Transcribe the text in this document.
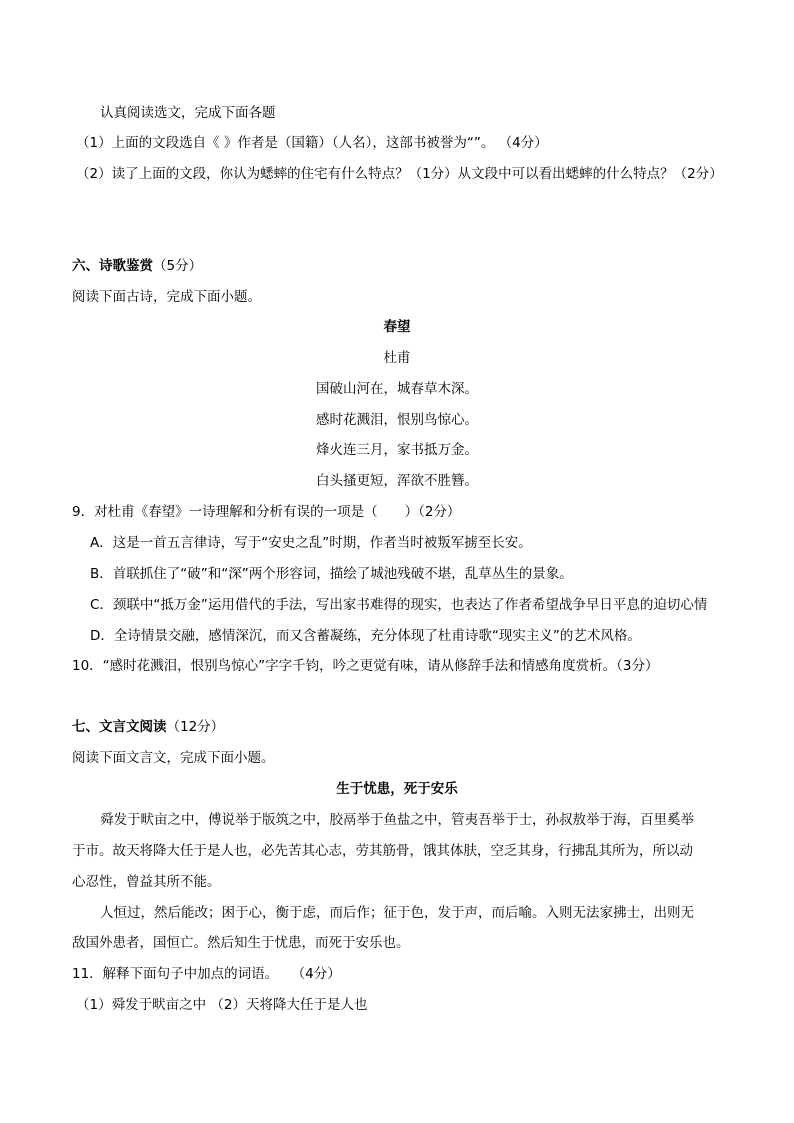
认真阅读选文，完成下面各题
（1）上面的文段选自《 》作者是（国籍）（人名），这部书被誉为“”。 （4分）
（2）读了上面的文段，你认为蟋蟀的住宅有什么特点？（1分）从文段中可以看出蟋蟀的什么特点？（2分）
六、诗歌鉴赏（5分）
阅读下面古诗，完成下面小题。
春望
杜甫
国破山河在，城春草木深。
感时花溅泪，恨别鸟惊心。
烽火连三月，家书抵万金。
白头搔更短，浑欲不胜簪。
9．对杜甫《春望》一诗理解和分析有误的一项是（　　）（2分）
A．这是一首五言律诗，写于“安史之乱”时期，作者当时被叛军掳至长安。
B．首联抓住了“破”和“深”两个形容词，描绘了城池残破不堪，乱草丛生的景象。
C．颈联中“抵万金”运用借代的手法，写出家书难得的现实，也表达了作者希望战争早日平息的迫切心情
D．全诗情景交融，感情深沉，而又含蓄凝练，充分体现了杜甫诗歌“现实主义”的艺术风格。
10．“感时花溅泪，恨别鸟惊心”字字千钧，吟之更觉有味，请从修辞手法和情感角度赏析。（3分）
七、文言文阅读（12分）
阅读下面文言文，完成下面小题。
生于忧患，死于安乐
舜发于畎亩之中，傅说举于版筑之中，胶鬲举于鱼盐之中，管夷吾举于士，孙叔敖举于海，百里奚举
于市。故天将降大任于是人也，必先苦其心志，劳其筋骨，饿其体肤，空乏其身，行拂乱其所为，所以动
心忍性，曾益其所不能。
人恒过，然后能改；困于心，衡于虑，而后作；征于色，发于声，而后喻。入则无法家拂士，出则无
敌国外患者，国恒亡。然后知生于忧患，而死于安乐也。
11．解释下面句子中加点的词语。　　（4分）
（1）舜发于畎亩之中 （2）天将降大任于是人也
